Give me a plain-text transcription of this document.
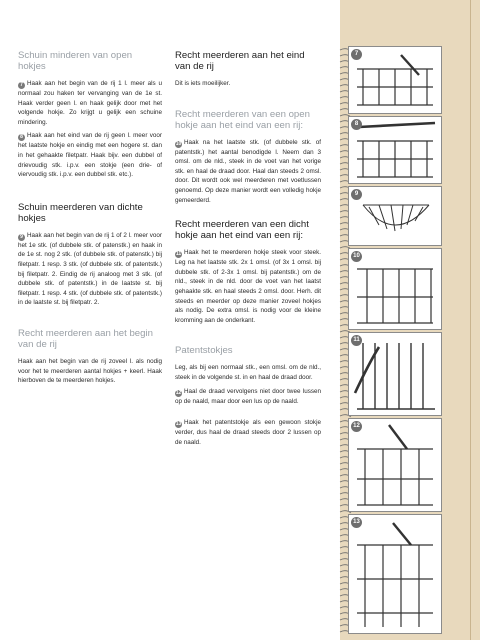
Schuin minderen van open hokjes

7 Haak aan het begin van de rij 1 l. meer als u normaal zou haken ter vervanging van de 1e st. Haak verder geen l. en haak gelijk door met het volgende hokje. Zo krijgt u gelijk een schuine mindering.

8 Haak aan het eind van de rij geen l. meer voor het laatste hokje en eindig met een hogere st. dan in het gehaakte filetpatr. Haak bijv. een dubbel of drievoudig stk. i.p.v. een stokje (een drie- of viervoudig stk. i.p.v. een dubbel stk. etc.).

Schuin meerderen van dichte hokjes

9 Haak aan het begin van de rij 1 of 2 l. meer voor het 1e stk. (of dubbele stk. of patenstk.) en haak in de 1e st. nog 2 stk. (of dubbele stk. of patenstk.) bij filetpatr. 1 resp. 3 stk. (of dubbele stk. of patentstk.) bij filetpatr. 2. Eindig de rij analoog met 3 stk. (of dubbele stk. of patentstk.) in de laatste st. bij filetpatr. 1 resp. 4 stk. (of dubbele stk. of patentstk.) in de laatste st. bij filetpatr. 2.

Recht meerderen aan het begin van de rij

Haak aan het begin van de rij zoveel l. als nodig voor het te meerderen aantal hokjes + keerl. Haak hierboven de te meerderen hokjes.

Recht meerderen aan het eind van de rij

Dit is iets moeilijker.

Recht meerderen van een open hokje aan het eind van een rij:

10 Haak na het laatste stk. (of dubbele stk. of patentstk.) het aantal benodigde l. Neem dan 3 omsl. om de nld., steek in de voet van het vorige stk. en haal de draad door. Haal dan steeds 2 omsl. door. Dit wordt ook wel meerderen met voetlussen genoemd. Op deze manier wordt een volledig hokje gemeerderd.

Recht meerderen van een dicht hokje aan het eind van een rij:

11 Haak het te meerderen hokje steek voor steek. Leg na het laatste stk. 2x 1 omsl. (of 3x 1 omsl. bij dubbele stk. of 2-3x 1 omsl. bij patentstk.) om de nld., steek in de nld. door de voet van het laatst gehaakte stk. en haal steeds 2 omsl. door. Herh. dit steeds en meerder op deze manier zoveel hokjes als nodig. De extra omsl. is nodig voor de kleine kromming aan de onderkant.

Patentstokjes

Leg, als bij een normaal stk., een omsl. om de nld., steek in de volgende st. in en haal de draad door.

12 Haal de draad vervolgens niet door twee lussen op de naald, maar door een lus op de naald.

13 Haak het patentstokje als een gewoon stokje verder, dus haal de draad steeds door 2 lussen op de naald.

7
8
9
10
11
12
13
